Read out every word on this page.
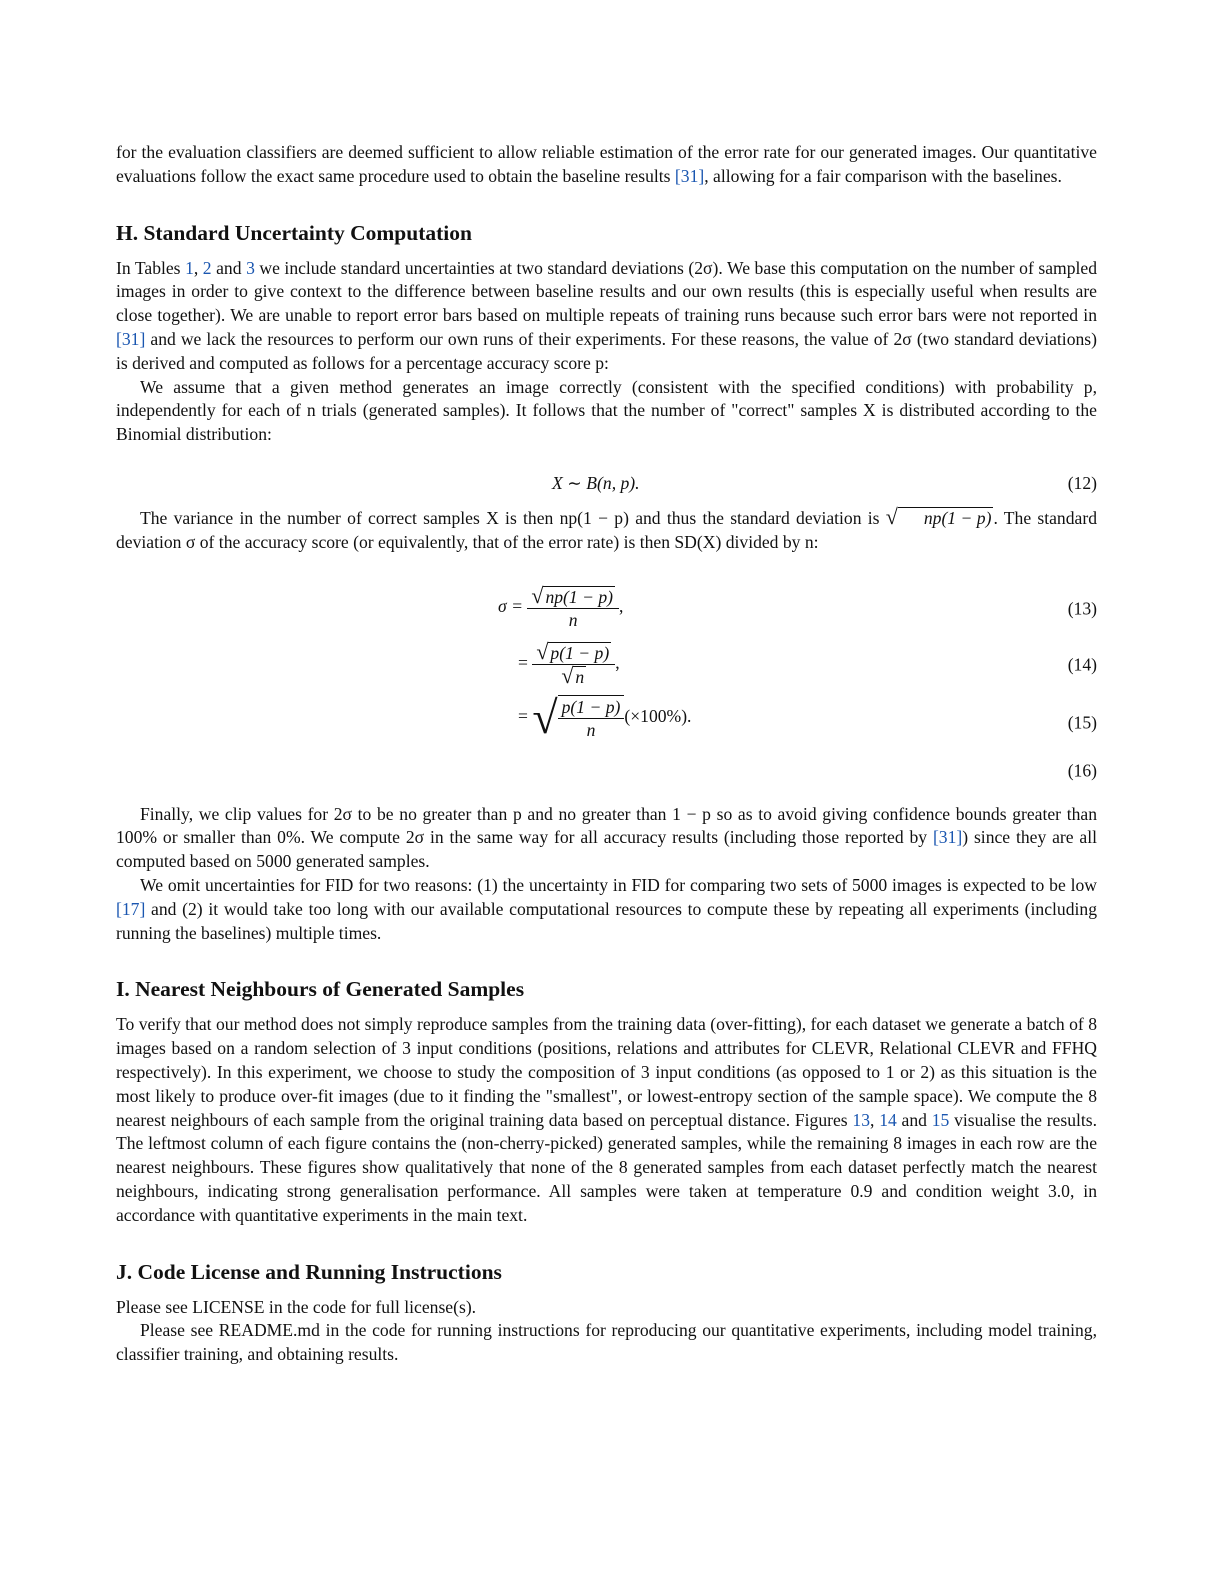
for the evaluation classifiers are deemed sufficient to allow reliable estimation of the error rate for our generated images. Our quantitative evaluations follow the exact same procedure used to obtain the baseline results [31], allowing for a fair comparison with the baselines.

H. Standard Uncertainty Computation

In Tables 1, 2 and 3 we include standard uncertainties at two standard deviations (2σ). We base this computation on the number of sampled images in order to give context to the difference between baseline results and our own results (this is especially useful when results are close together). We are unable to report error bars based on multiple repeats of training runs because such error bars were not reported in [31] and we lack the resources to perform our own runs of their experiments. For these reasons, the value of 2σ (two standard deviations) is derived and computed as follows for a percentage accuracy score p:

We assume that a given method generates an image correctly (consistent with the specified conditions) with probability p, independently for each of n trials (generated samples). It follows that the number of "correct" samples X is distributed according to the Binomial distribution:

X ∼ B(n, p).	(12)

The variance in the number of correct samples X is then np(1 − p) and thus the standard deviation is √ np(1 − p) . The standard deviation σ of the accuracy score (or equivalently, that of the error rate) is then SD(X) divided by n:

$\sigma = \frac{√ np(1 - p)}{n}$ ,	(13)
= $\frac{√ p(1 - p)}{√ n}$ ,	(14)
= √ $\frac{p(1 - p)}{n} (\times 100\%)$.	(15)
(16)

Finally, we clip values for 2σ to be no greater than p and no greater than 1 − p so as to avoid giving confidence bounds greater than 100% or smaller than 0%. We compute 2σ in the same way for all accuracy results (including those reported by [31]) since they are all computed based on 5000 generated samples.

We omit uncertainties for FID for two reasons: (1) the uncertainty in FID for comparing two sets of 5000 images is expected to be low [17] and (2) it would take too long with our available computational resources to compute these by repeating all experiments (including running the baselines) multiple times.

I. Nearest Neighbours of Generated Samples

To verify that our method does not simply reproduce samples from the training data (over-fitting), for each dataset we generate a batch of 8 images based on a random selection of 3 input conditions (positions, relations and attributes for CLEVR, Relational CLEVR and FFHQ respectively). In this experiment, we choose to study the composition of 3 input conditions (as opposed to 1 or 2) as this situation is the most likely to produce over-fit images (due to it finding the "smallest", or lowest-entropy section of the sample space). We compute the 8 nearest neighbours of each sample from the original training data based on perceptual distance. Figures 13, 14 and 15 visualise the results. The leftmost column of each figure contains the (non-cherry-picked) generated samples, while the remaining 8 images in each row are the nearest neighbours. These figures show qualitatively that none of the 8 generated samples from each dataset perfectly match the nearest neighbours, indicating strong generalisation performance. All samples were taken at temperature 0.9 and condition weight 3.0, in accordance with quantitative experiments in the main text.

J. Code License and Running Instructions

Please see LICENSE in the code for full license(s).

Please see README.md in the code for running instructions for reproducing our quantitative experiments, including model training, classifier training, and obtaining results.
